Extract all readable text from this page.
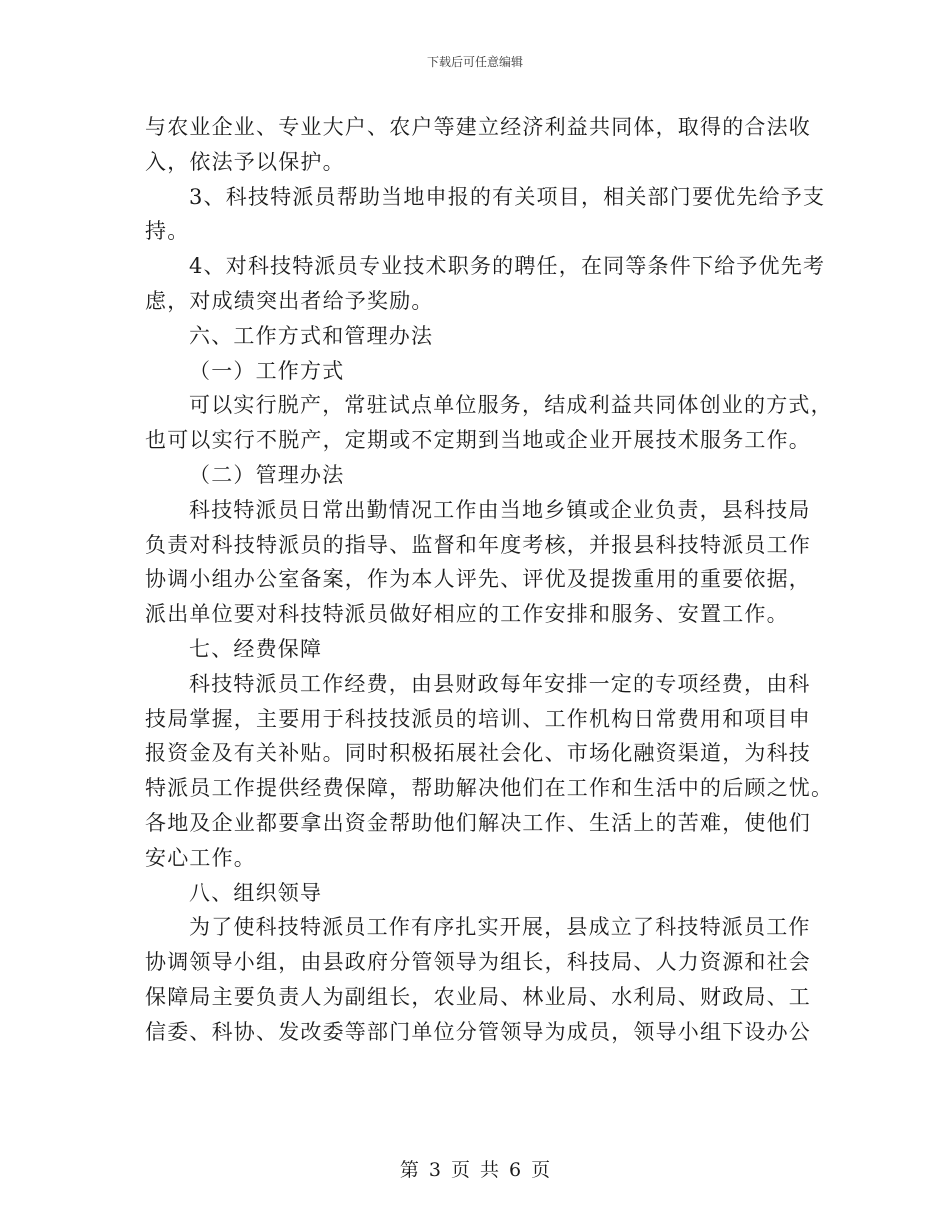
下载后可任意编辑
与农业企业、专业大户、农户等建立经济利益共同体，取得的合法收
入，依法予以保护。
3、科技特派员帮助当地申报的有关项目，相关部门要优先给予支
持。
4、对科技特派员专业技术职务的聘任，在同等条件下给予优先考
虑，对成绩突出者给予奖励。
六、工作方式和管理办法
（一）工作方式
可以实行脱产，常驻试点单位服务，结成利益共同体创业的方式，
也可以实行不脱产，定期或不定期到当地或企业开展技术服务工作。
（二）管理办法
科技特派员日常出勤情况工作由当地乡镇或企业负责，县科技局
负责对科技特派员的指导、监督和年度考核，并报县科技特派员工作
协调小组办公室备案，作为本人评先、评优及提拨重用的重要依据，
派出单位要对科技特派员做好相应的工作安排和服务、安置工作。
七、经费保障
科技特派员工作经费，由县财政每年安排一定的专项经费，由科
技局掌握，主要用于科技技派员的培训、工作机构日常费用和项目申
报资金及有关补贴。同时积极拓展社会化、市场化融资渠道，为科技
特派员工作提供经费保障，帮助解决他们在工作和生活中的后顾之忧。
各地及企业都要拿出资金帮助他们解决工作、生活上的苦难，使他们
安心工作。
八、组织领导
为了使科技特派员工作有序扎实开展，县成立了科技特派员工作
协调领导小组，由县政府分管领导为组长，科技局、人力资源和社会
保障局主要负责人为副组长，农业局、林业局、水利局、财政局、工
信委、科协、发改委等部门单位分管领导为成员，领导小组下设办公
第 3 页 共 6 页
